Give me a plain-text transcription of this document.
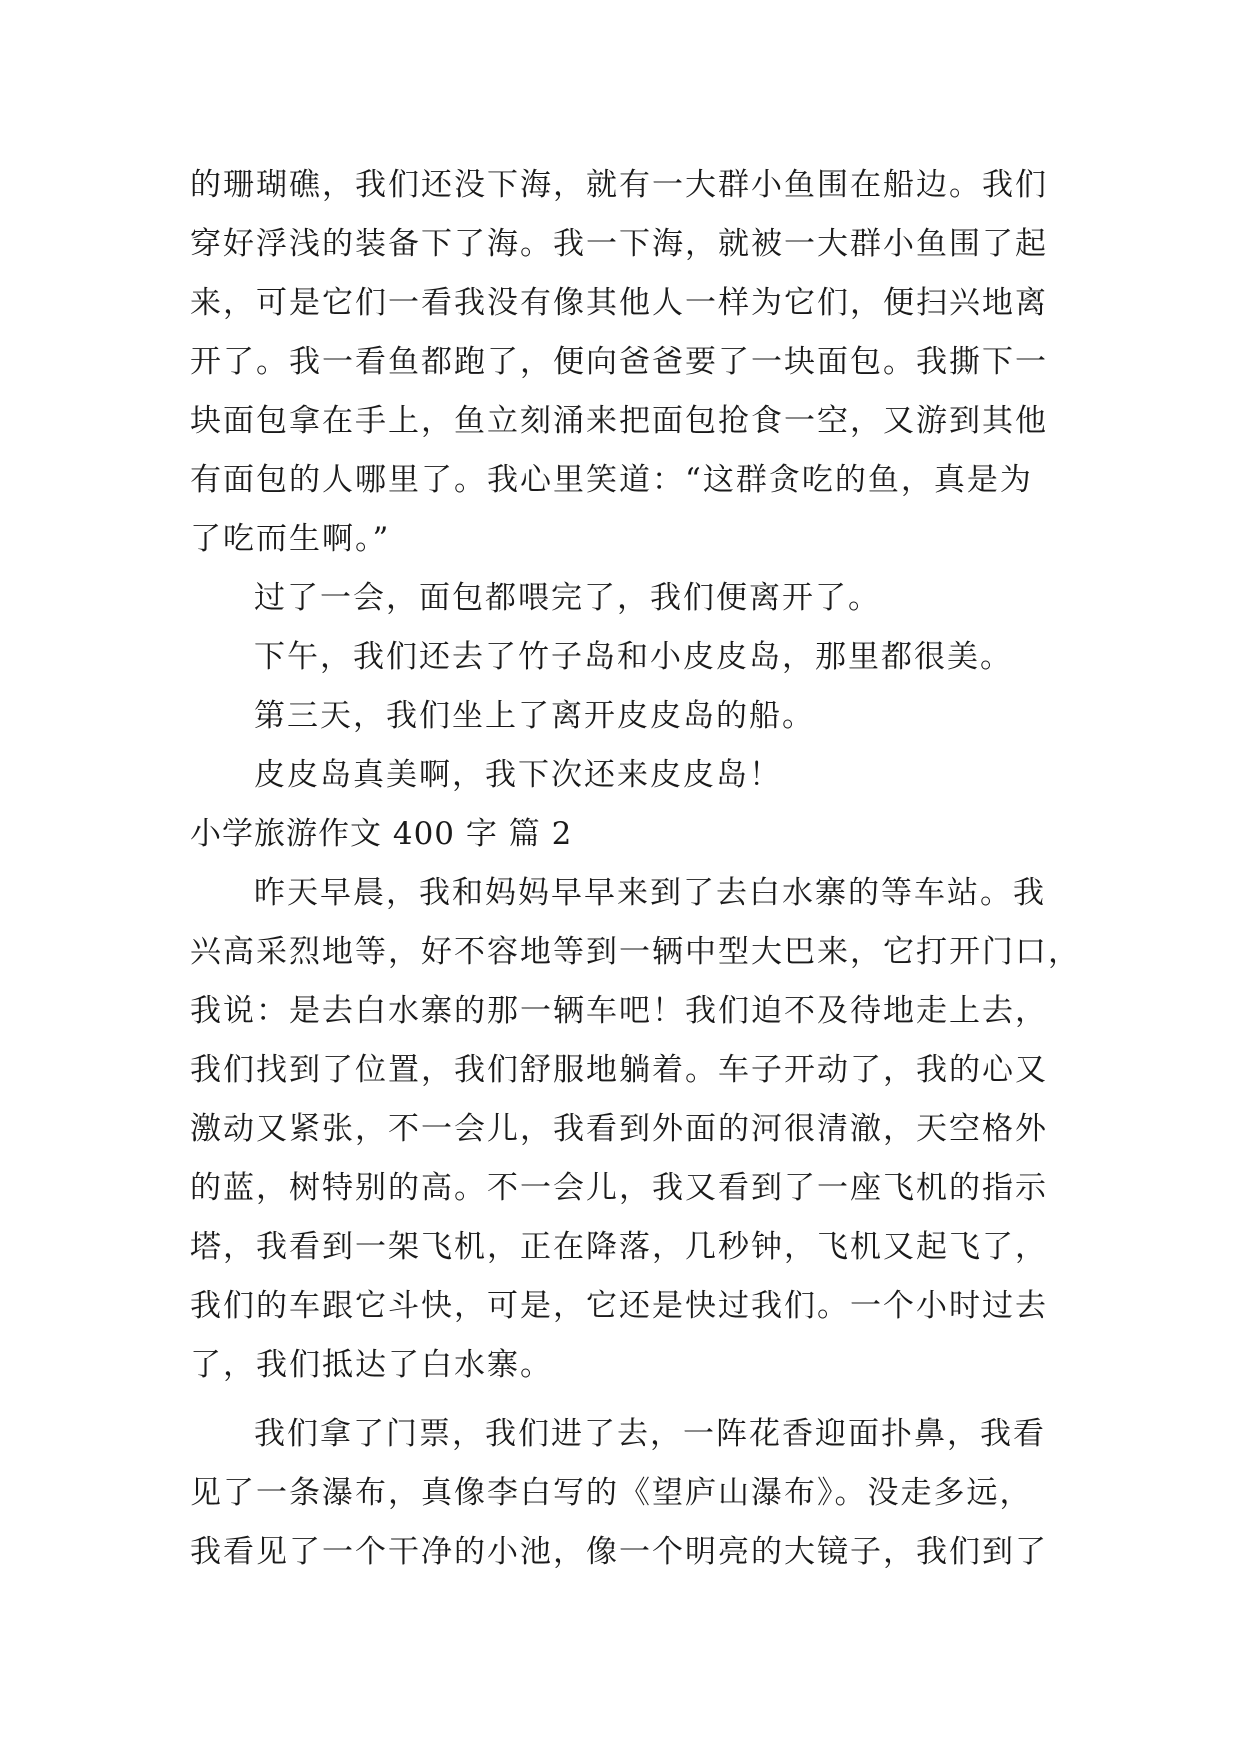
的珊瑚礁，我们还没下海，就有一大群小鱼围在船边。我们
穿好浮浅的装备下了海。我一下海，就被一大群小鱼围了起
来，可是它们一看我没有像其他人一样为它们，便扫兴地离
开了。我一看鱼都跑了，便向爸爸要了一块面包。我撕下一
块面包拿在手上，鱼立刻涌来把面包抢食一空，又游到其他
有面包的人哪里了。我心里笑道：“这群贪吃的鱼，真是为
了吃而生啊。”
过了一会，面包都喂完了，我们便离开了。
下午，我们还去了竹子岛和小皮皮岛，那里都很美。
第三天，我们坐上了离开皮皮岛的船。
皮皮岛真美啊，我下次还来皮皮岛！
小学旅游作文 400 字 篇 2
昨天早晨，我和妈妈早早来到了去白水寨的等车站。我
兴高采烈地等，好不容地等到一辆中型大巴来，它打开门口，
我说：是去白水寨的那一辆车吧！我们迫不及待地走上去，
我们找到了位置，我们舒服地躺着。车子开动了，我的心又
激动又紧张，不一会儿，我看到外面的河很清澈，天空格外
的蓝，树特别的高。不一会儿，我又看到了一座飞机的指示
塔，我看到一架飞机，正在降落，几秒钟，飞机又起飞了，
我们的车跟它斗快，可是，它还是快过我们。一个小时过去
了，我们抵达了白水寨。
我们拿了门票，我们进了去，一阵花香迎面扑鼻，我看
见了一条瀑布，真像李白写的《望庐山瀑布》。没走多远，
我看见了一个干净的小池，像一个明亮的大镜子，我们到了
